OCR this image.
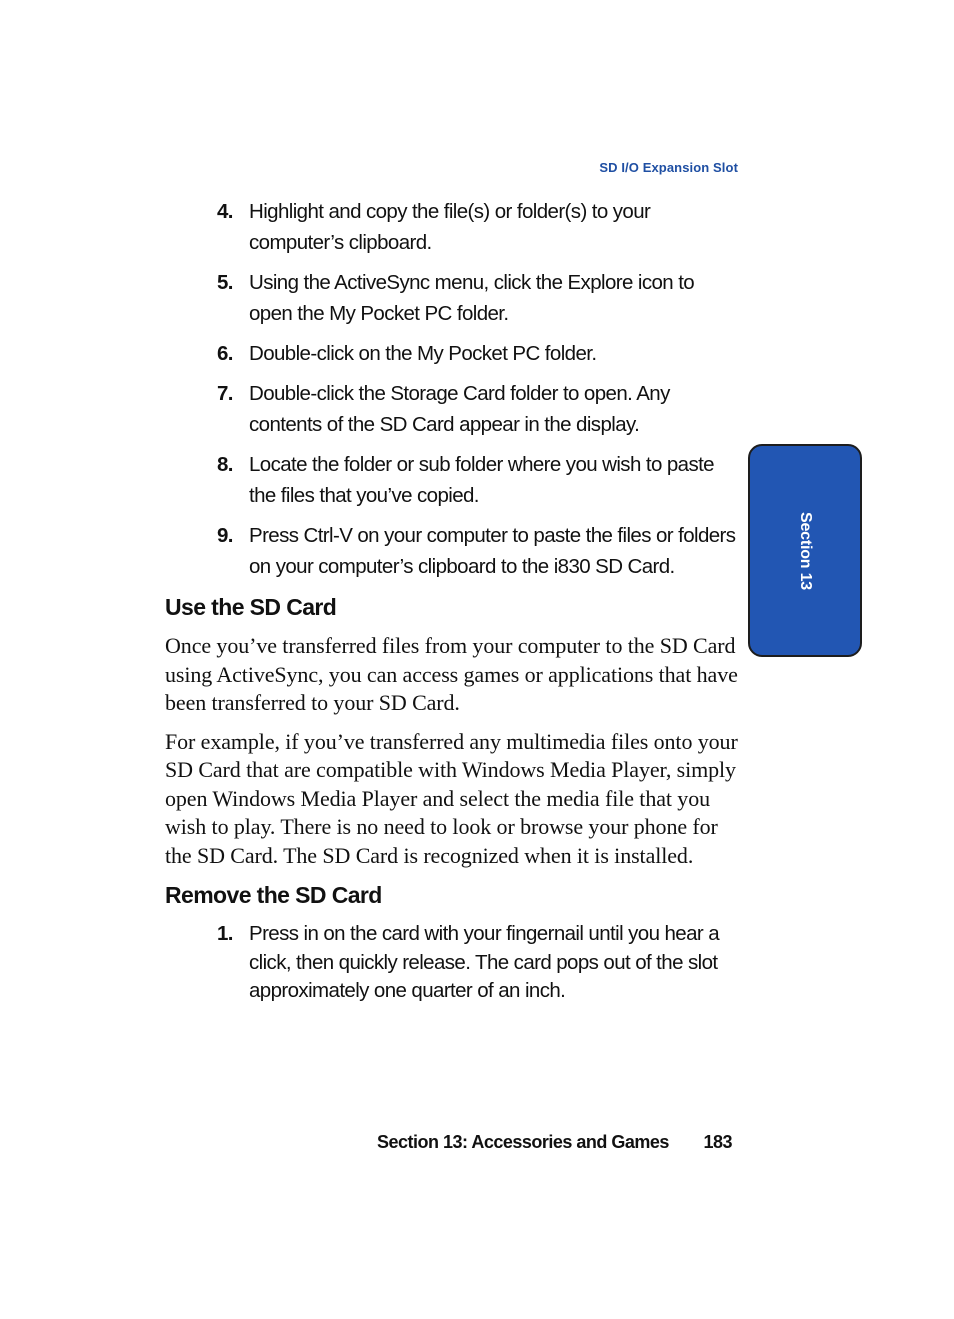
SD I/O Expansion Slot
4. Highlight and copy the file(s) or folder(s) to your computer’s clipboard.
5. Using the ActiveSync menu, click the Explore icon to open the My Pocket PC folder.
6. Double-click on the My Pocket PC folder.
7. Double-click the Storage Card folder to open. Any contents of the SD Card appear in the display.
8. Locate the folder or sub folder where you wish to paste the files that you’ve copied.
9. Press Ctrl-V on your computer to paste the files or folders on your computer’s clipboard to the i830 SD Card.
Use the SD Card

Once you’ve transferred files from your computer to the SD Card using ActiveSync, you can access games or applications that have been transferred to your SD Card.

For example, if you’ve transferred any multimedia files onto your SD Card that are compatible with Windows Media Player, simply open Windows Media Player and select the media file that you wish to play. There is no need to look or browse your phone for the SD Card. The SD Card is recognized when it is installed.

Remove the SD Card
1. Press in on the card with your fingernail until you hear a click, then quickly release. The card pops out of the slot approximately one quarter of an inch.
Section 13
Section 13: Accessories and Games 183
